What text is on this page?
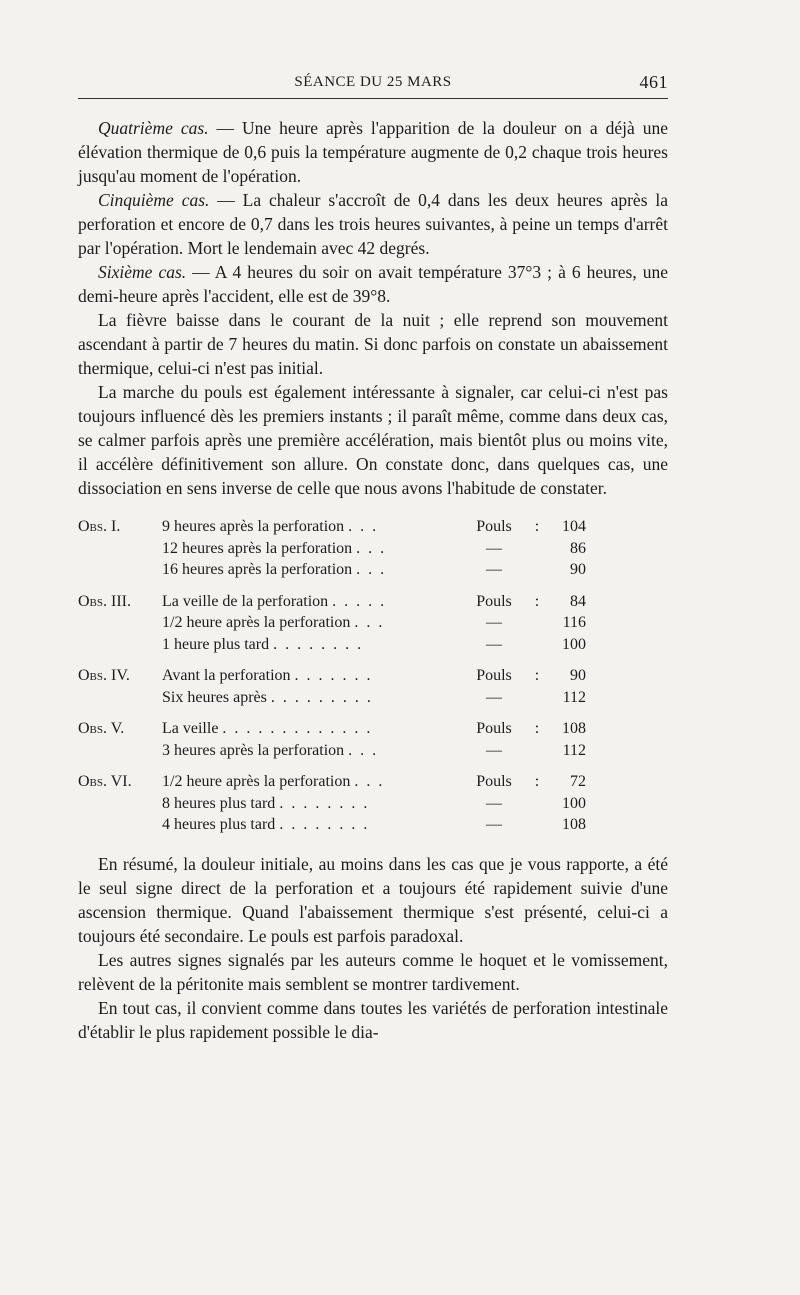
SÉANCE DU 25 MARS	461

Quatrième cas. — Une heure après l'apparition de la douleur on a déjà une élévation thermique de 0,6 puis la température augmente de 0,2 chaque trois heures jusqu'au moment de l'opération.

Cinquième cas. — La chaleur s'accroît de 0,4 dans les deux heures après la perforation et encore de 0,7 dans les trois heures suivantes, à peine un temps d'arrêt par l'opération. Mort le lendemain avec 42 degrés.

Sixième cas. — A 4 heures du soir on avait température 37°3 ; à 6 heures, une demi-heure après l'accident, elle est de 39°8.

La fièvre baisse dans le courant de la nuit ; elle reprend son mouvement ascendant à partir de 7 heures du matin. Si donc parfois on constate un abaissement thermique, celui-ci n'est pas initial.

La marche du pouls est également intéressante à signaler, car celui-ci n'est pas toujours influencé dès les premiers instants ; il paraît même, comme dans deux cas, se calmer parfois après une première accélération, mais bientôt plus ou moins vite, il accélère définitivement son allure. On constate donc, dans quelques cas, une dissociation en sens inverse de celle que nous avons l'habitude de constater.

Obs. I.	9 heures après la perforation . . .	Pouls	:	104
12 heures après la perforation . . .	—	86
16 heures après la perforation . . .	—	90
Obs. III.	La veille de la perforation . . . . .	Pouls	:	84
1/2 heure après la perforation . . .	—	116
1 heure plus tard . . . . . . . .	—	100
Obs. IV.	Avant la perforation . . . . . . .	Pouls	:	90
Six heures après . . . . . . . . .	—	112
Obs. V.	La veille . . . . . . . . . . . . .	Pouls	:	108
3 heures après la perforation . . .	—	112
Obs. VI.	1/2 heure après la perforation . . .	Pouls	:	72
8 heures plus tard . . . . . . . .	—	100
4 heures plus tard . . . . . . . .	—	108

En résumé, la douleur initiale, au moins dans les cas que je vous rapporte, a été le seul signe direct de la perforation et a toujours été rapidement suivie d'une ascension thermique. Quand l'abaissement thermique s'est présenté, celui-ci a toujours été secondaire. Le pouls est parfois paradoxal.

Les autres signes signalés par les auteurs comme le hoquet et le vomissement, relèvent de la péritonite mais semblent se montrer tardivement.

En tout cas, il convient comme dans toutes les variétés de perforation intestinale d'établir le plus rapidement possible le dia-
